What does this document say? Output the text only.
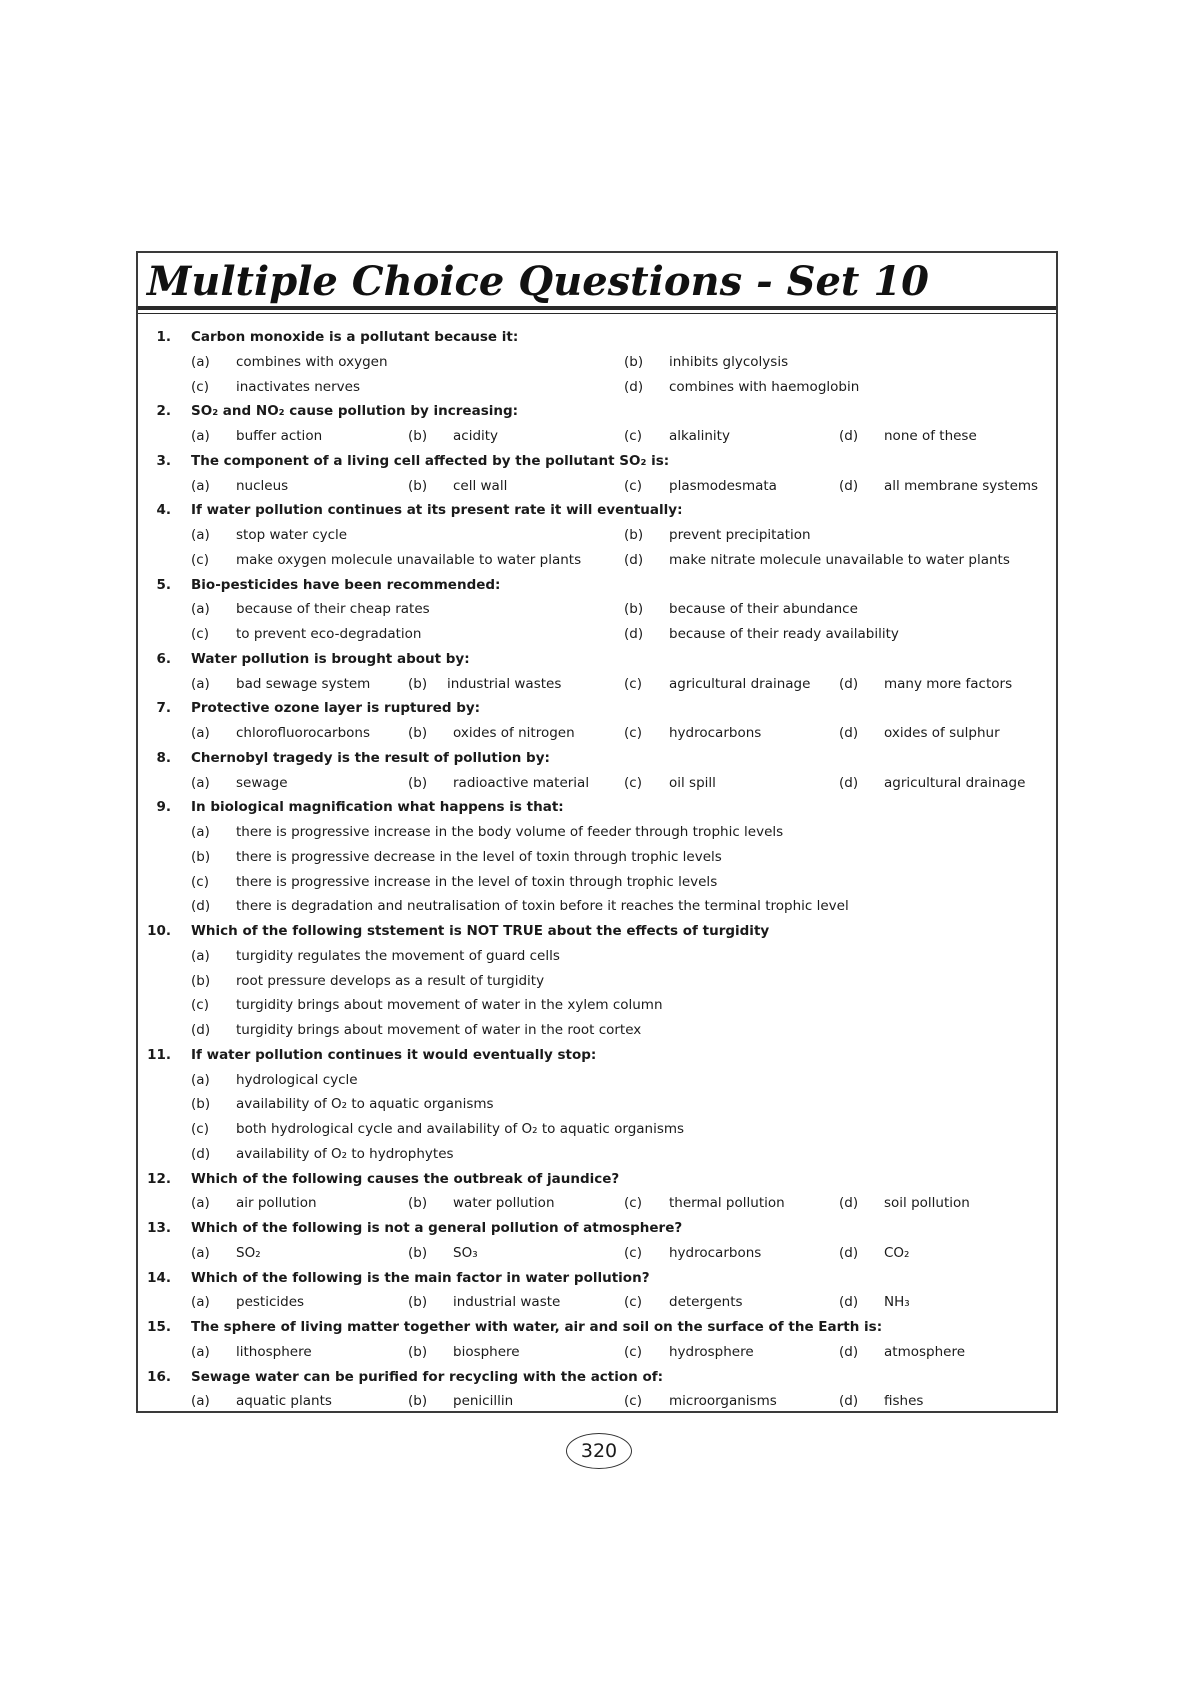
Multiple Choice Questions - Set 10
1. Carbon monoxide is a pollutant because it:
(a) combines with oxygen	(b) inhibits glycolysis
(c) inactivates nerves	(d) combines with haemoglobin
2. SO₂ and NO₂ cause pollution by increasing:
(a) buffer action	(b) acidity	(c) alkalinity	(d) none of these
3. The component of a living cell affected by the pollutant SO₂ is:
(a) nucleus	(b) cell wall	(c) plasmodesmata	(d) all membrane systems
4. If water pollution continues at its present rate it will eventually:
(a) stop water cycle	(b) prevent precipitation
(c) make oxygen molecule unavailable to water plants	(d) make nitrate molecule unavailable to water plants
5. Bio-pesticides have been recommended:
(a) because of their cheap rates	(b) because of their abundance
(c) to prevent eco-degradation	(d) because of their ready availability
6. Water pollution is brought about by:
(a) bad sewage system	(b) industrial wastes	(c) agricultural drainage (d) many more factors
7. Protective ozone layer is ruptured by:
(a) chlorofluorocarbons	(b) oxides of nitrogen	(c) hydrocarbons	(d) oxides of sulphur
8. Chernobyl tragedy is the result of pollution by:
(a) sewage	(b) radioactive material	(c) oil spill	(d) agricultural drainage
9. In biological magnification what happens is that:
(a) there is progressive increase in the body volume of feeder through trophic levels
(b) there is progressive decrease in the level of toxin through trophic levels
(c) there is progressive increase in the level of toxin through trophic levels
(d) there is degradation and neutralisation of toxin before it reaches the terminal trophic level
10. Which of the following ststement is NOT TRUE about the effects of turgidity
(a) turgidity regulates the movement of guard cells
(b) root pressure develops as a result of turgidity
(c) turgidity brings about movement of water in the xylem column
(d) turgidity brings about movement of water in the root cortex
11. If water pollution continues it would eventually stop:
(a) hydrological cycle
(b) availability of O₂ to aquatic organisms
(c) both hydrological cycle and availability of O₂ to aquatic organisms
(d) availability of O₂ to hydrophytes
12. Which of the following causes the outbreak of jaundice?
(a) air pollution	(b) water pollution	(c) thermal pollution	(d) soil pollution
13. Which of the following is not a general pollution of atmosphere?
(a) SO₂	(b) SO₃	(c) hydrocarbons	(d) CO₂
14. Which of the following is the main factor in water pollution?
(a) pesticides	(b) industrial waste	(c) detergents	(d) NH₃
15. The sphere of living matter together with water, air and soil on the surface of the Earth is:
(a) lithosphere	(b) biosphere	(c) hydrosphere	(d) atmosphere
16. Sewage water can be purified for recycling with the action of:
(a) aquatic plants	(b) penicillin	(c) microorganisms	(d) fishes
320
